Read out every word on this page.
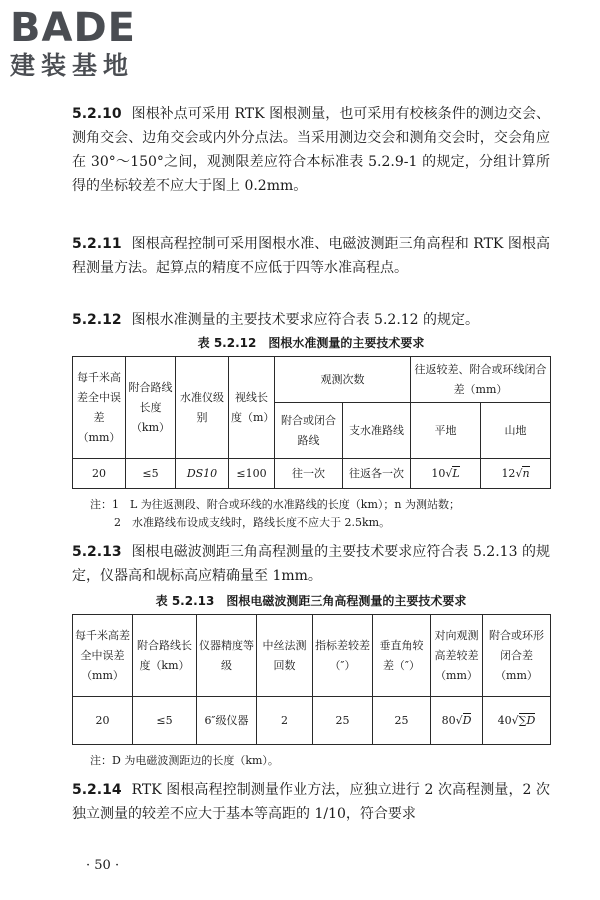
BADE
建装基地

5.2.10 图根补点可采用 RTK 图根测量，也可采用有校核条件的测边交会、测角交会、边角交会或内外分点法。当采用测边交会和测角交会时，交会角应在 30°～150°之间，观测限差应符合本标准表 5.2.9-1 的规定，分组计算所得的坐标较差不应大于图上 0.2mm。

5.2.11 图根高程控制可采用图根水准、电磁波测距三角高程和 RTK 图根高程测量方法。起算点的精度不应低于四等水准高程点。

5.2.12 图根水准测量的主要技术要求应符合表 5.2.12 的规定。

表 5.2.12　图根水准测量的主要技术要求
每千米高差全中误差（mm）	附合路线长度（km）	水准仪级别	视线长度（m）	观测次数		往返较差、附合或环线闭合差（mm）	
				附合或闭合路线	支水准路线	平地	山地
20	≤5	DS10	≤100	往一次	往返各一次	10√L	12√n
注：1　L 为往返测段、附合或环线的水准路线的长度（km）；n 为测站数；
2　水准路线布设成支线时，路线长度不应大于 2.5km。

5.2.13 图根电磁波测距三角高程测量的主要技术要求应符合表 5.2.13 的规定，仪器高和觇标高应精确量至 1mm。

表 5.2.13　图根电磁波测距三角高程测量的主要技术要求
每千米高差全中误差（mm）	附合路线长度（km）	仪器精度等级	中丝法测回数	指标差较差（″）	垂直角较差（″）	对向观测高差较差（mm）	附合或环形闭合差（mm）
20	≤5	6″级仪器	2	25	25	80√D	40√∑D
注：D 为电磁波测距边的长度（km）。

5.2.14 RTK 图根高程控制测量作业方法，应独立进行 2 次高程测量，2 次独立测量的较差不应大于基本等高距的 1/10，符合要求

· 50 ·
